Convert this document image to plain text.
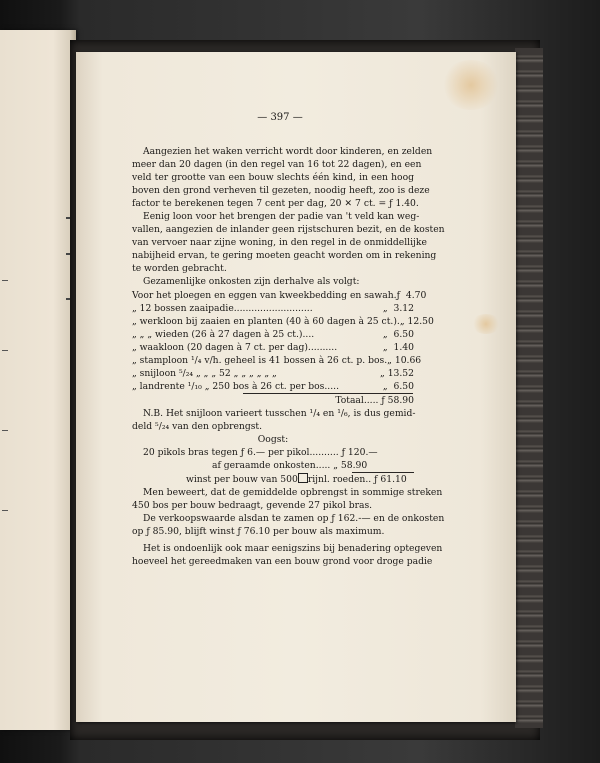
— 397 —
Aangezien het waken verricht wordt door kinderen, en zelden
meer dan 20 dagen (in den regel van 16 tot 22 dagen), en een
veld ter grootte van een bouw slechts één kind, in een hoog
boven den grond verheven til gezeten, noodig heeft, zoo is deze
factor te berekenen tegen 7 cent per dag, 20 ✕ 7 ct. = ƒ 1.40.
Eenig loon voor het brengen der padie van 't veld kan weg-
vallen, aangezien de inlander geen rijstschuren bezit, en de kosten
van vervoer naar zijne woning, in den regel in de onmiddellijke
nabijheid ervan, te gering moeten geacht worden om in rekening
te worden gebracht.
Gezamenlijke onkosten zijn derhalve als volgt:
Voor het ploegen en eggen van kweekbedding en sawah. ƒ 4.70
„ 12 bossen zaaipadie...........................	„ 3.12
„ werkloon bij zaaien en planten (40 à 60 dagen à 25 ct.). „ 12.50
„ „ „ wieden (26 à 27 dagen à 25 ct.)....	„ 6.50
„ waakloon (20 dagen à 7 ct. per dag)..........	„ 1.40
„ stamploon ¹/₄ v/h. geheel is 41 bossen à 26 ct. p. bos. „ 10.66
„ snijloon ⁵/₂₄ „ „ „ 52 „ „ „ „ „ „	„ 13.52
„ landrente ¹/₁₀ „ 250 bos à 26 ct. per bos.....	„ 6.50
Totaal..... ƒ 58.90
N.B. Het snijloon varieert tusschen ¹/₄ en ¹/₆, is dus gemid-
deld ⁵/₂₄ van den opbrengst.
Oogst:
20 pikols bras tegen ƒ 6.— per pikol.......... ƒ 120.—
af geraamde onkosten..... „ 58.90
winst per bouw van 500 rijnl. roeden.. ƒ 61.10
Men beweert, dat de gemiddelde opbrengst in sommige streken
450 bos per bouw bedraagt, gevende 27 pikol bras.
De verkoopswaarde alsdan te zamen op ƒ 162.-— en de onkosten
op ƒ 85.90, blijft winst ƒ 76.10 per bouw als maximum.
Het is ondoenlijk ook maar eenigszins bij benadering optegeven
hoeveel het gereedmaken van een bouw grond voor droge padie
